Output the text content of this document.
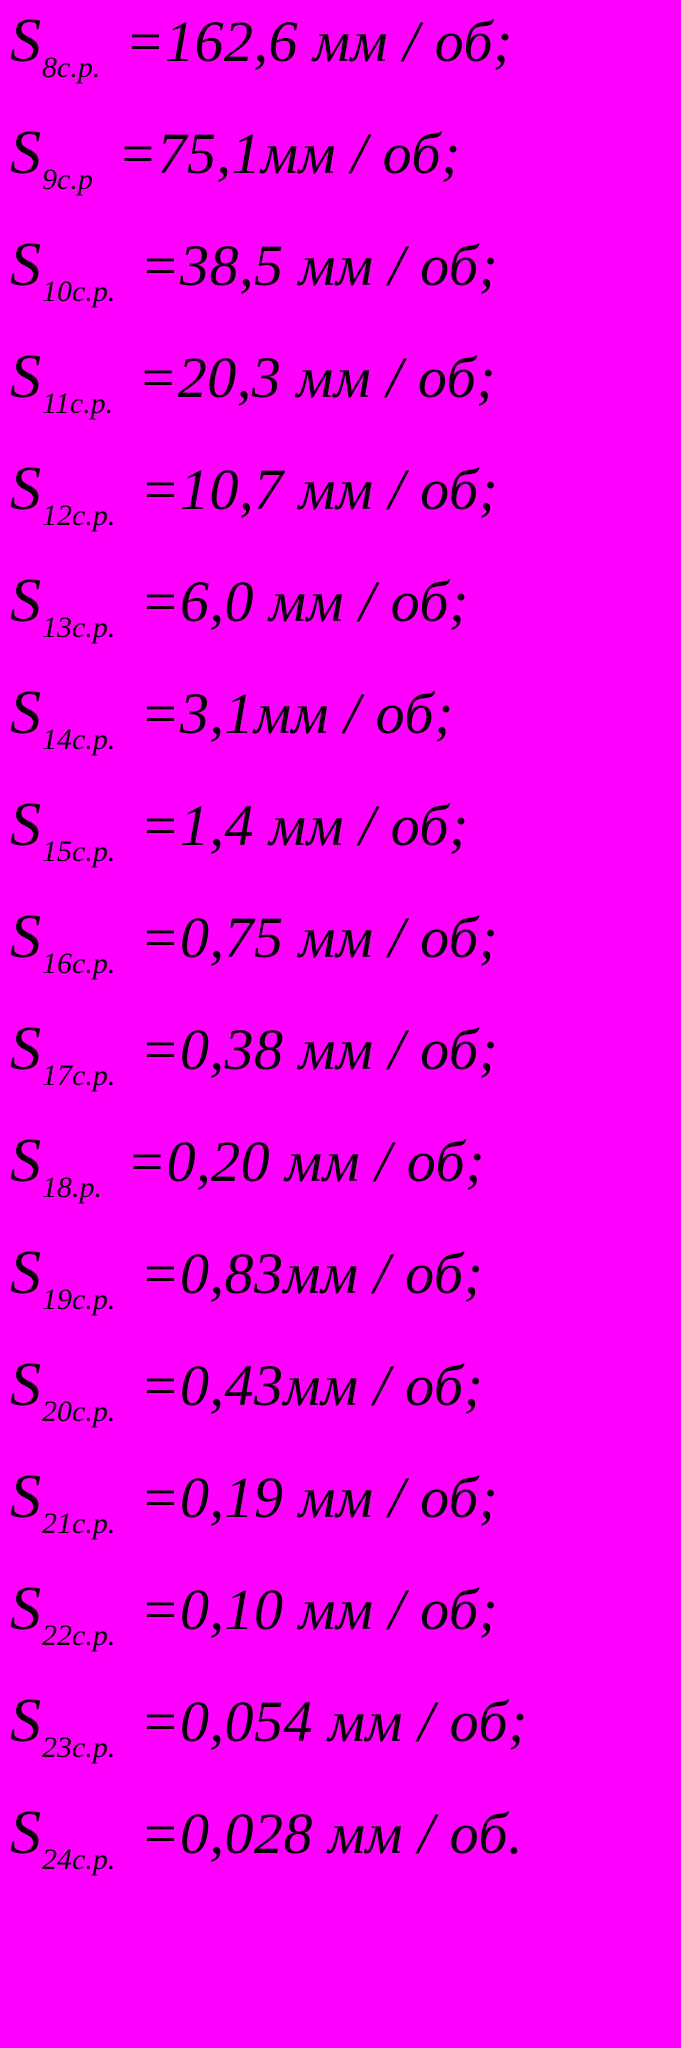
S 8с.р. =162,6 мм / об;
S 9с.р =75,1мм / об;
S 10с.р. =38,5 мм / об;
S 11с.р. =20,3 мм / об;
S 12с.р. =10,7 мм / об;
S 13с.р. =6,0 мм / об;
S 14с.р. =3,1мм / об;
S 15с.р. =1,4 мм / об;
S 16с.р. =0,75 мм / об;
S 17с.р. =0,38 мм / об;
S 18.р. =0,20 мм / об;
S 19с.р. =0,83мм / об;
S 20с.р. =0,43мм / об;
S 21с.р. =0,19 мм / об;
S 22с.р. =0,10 мм / об;
S 23с.р. =0,054 мм / об;
S 24с.р. =0,028 мм / об.
